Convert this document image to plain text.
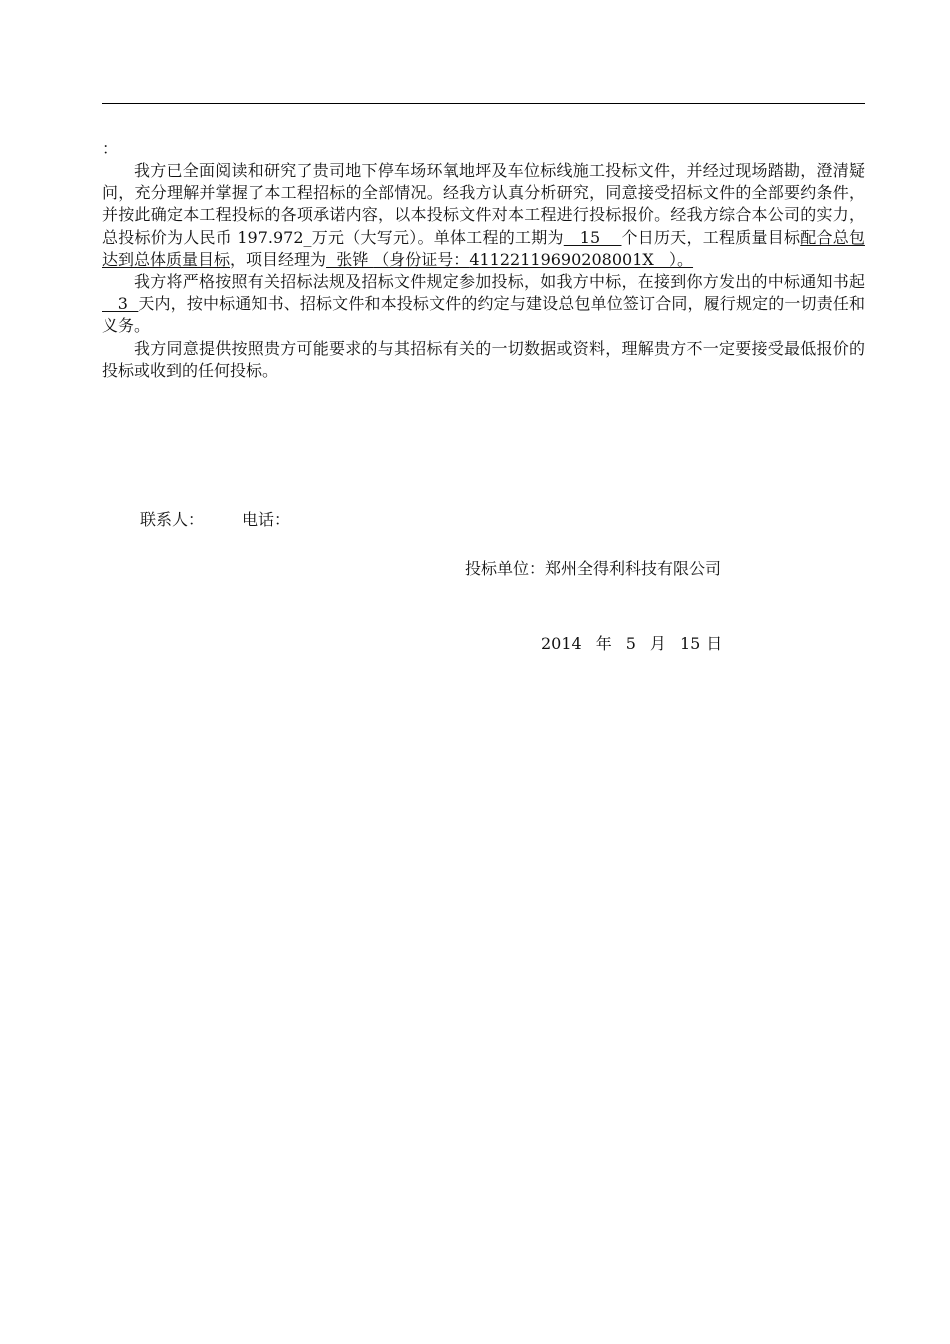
：

我方已全面阅读和研究了贵司地下停车场环氧地坪及车位标线施工投标文件，并经过现场踏勘，澄清疑问，充分理解并掌握了本工程招标的全部情况。经我方认真分析研究，同意接受招标文件的全部要约条件，并按此确定本工程投标的各项承诺内容，以本投标文件对本工程进行投标报价。经我方综合本公司的实力，总投标价为人民币 197.972_万元（大写元）。单体工程的工期为   15    个日历天，工程质量目标配合总包达到总体质量目标，项目经理为  张铧 （身份证号：41122119690208001X   ）。

我方将严格按照有关招标法规及招标文件规定参加投标，如我方中标，在接到你方发出的中标通知书起   3  天内，按中标通知书、招标文件和本投标文件的约定与建设总包单位签订合同，履行规定的一切责任和义务。

我方同意提供按照贵方可能要求的与其招标有关的一切数据或资料，理解贵方不一定要接受最低报价的投标或收到的任何投标。

联系人： 电话：
投标单位：郑州全得利科技有限公司
2014 年 5 月 15 日
